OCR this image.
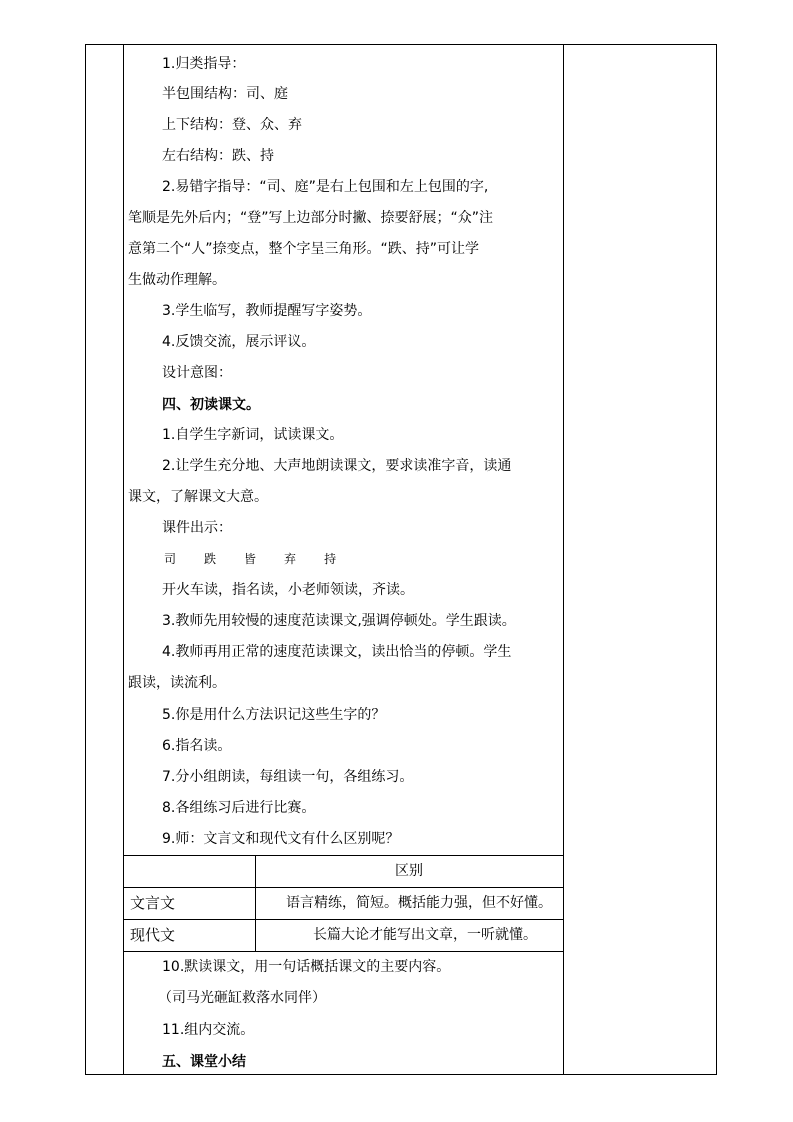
1.归类指导：
半包围结构：司、庭
上下结构：登、众、弃
左右结构：跌、持
2.易错字指导：“司、庭”是右上包围和左上包围的字,
笔顺是先外后内；“登”写上边部分时撇、捺要舒展；“众”注
意第二个“人”捺变点，整个字呈三角形。“跌、持”可让学
生做动作理解。
3.学生临写，教师提醒写字姿势。
4.反馈交流，展示评议。
设计意图：
四、初读课文。
1.自学生字新词，试读课文。
2.让学生充分地、大声地朗读课文，要求读准字音，读通
课文，了解课文大意。
课件出示：
司 跌 皆 弃 持
开火车读，指名读，小老师领读，齐读。
3.教师先用较慢的速度范读课文,强调停顿处。学生跟读。
4.教师再用正常的速度范读课文，读出恰当的停顿。学生
跟读，读流利。
5.你是用什么方法识记这些生字的？
6.指名读。
7.分小组朗读，每组读一句，各组练习。
8.各组练习后进行比赛。
9.师：文言文和现代文有什么区别呢？
10.默读课文，用一句话概括课文的主要内容。
（司马光砸缸救落水同伴）
11.组内交流。
五、课堂小结
区别
文言文	语言精练，简短。概括能力强，但不好懂。
现代文	长篇大论才能写出文章，一听就懂。
